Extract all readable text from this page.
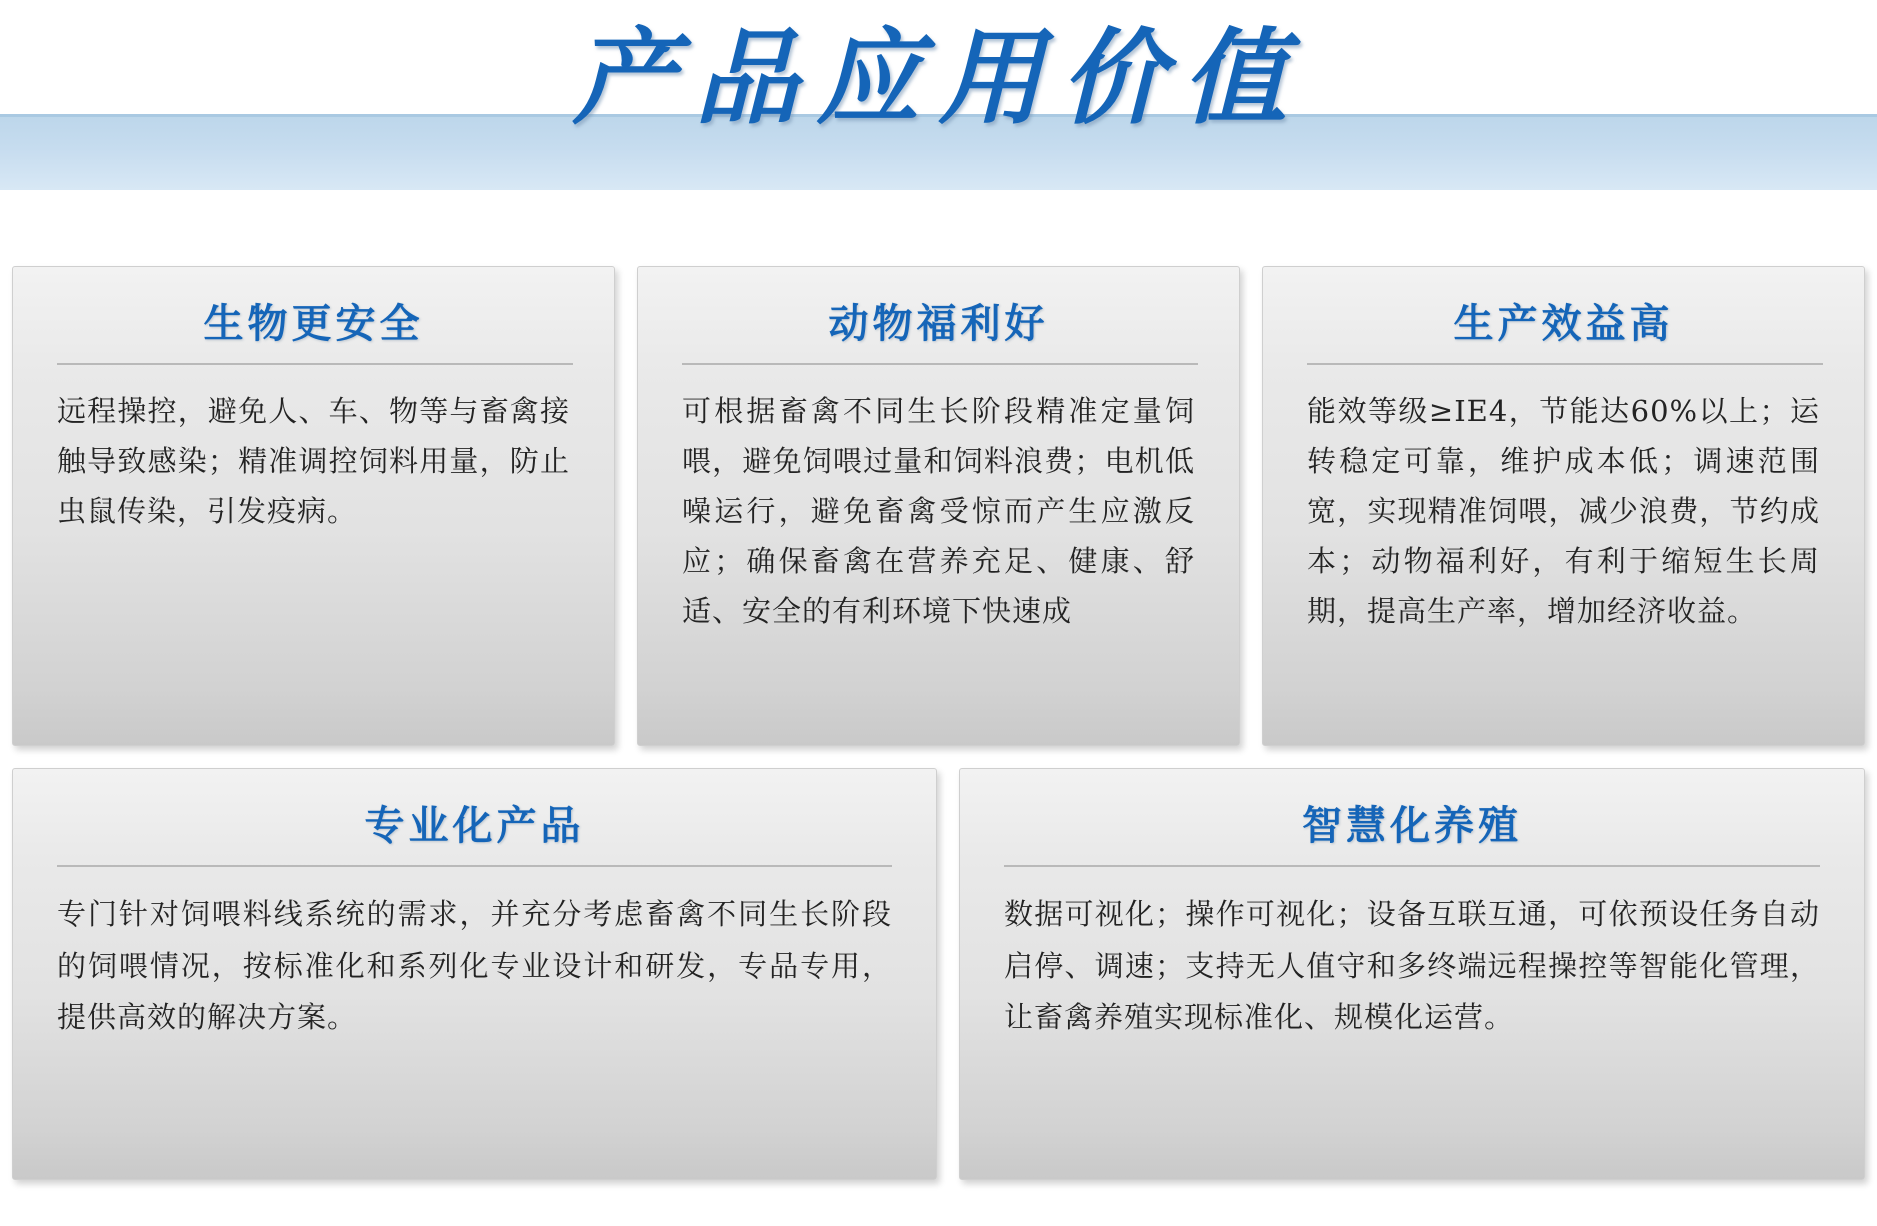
产品应用价值
生物更安全
远程操控，避免人、车、物等与畜禽接触导致感染；精准调控饲料用量，防止虫鼠传染，引发疫病。
动物福利好
可根据畜禽不同生长阶段精准定量饲喂，避免饲喂过量和饲料浪费；电机低噪运行，避免畜禽受惊而产生应激反应；确保畜禽在营养充足、健康、舒适、安全的有利环境下快速成
生产效益高
能效等级≥IE4，节能达60%以上；运转稳定可靠，维护成本低；调速范围宽，实现精准饲喂，减少浪费，节约成本；动物福利好，有利于缩短生长周期，提高生产率，增加经济收益。
专业化产品
专门针对饲喂料线系统的需求，并充分考虑畜禽不同生长阶段的饲喂情况，按标准化和系列化专业设计和研发，专品专用，提供高效的解决方案。
智慧化养殖
数据可视化；操作可视化；设备互联互通，可依预设任务自动启停、调速；支持无人值守和多终端远程操控等智能化管理，让畜禽养殖实现标准化、规模化运营。
